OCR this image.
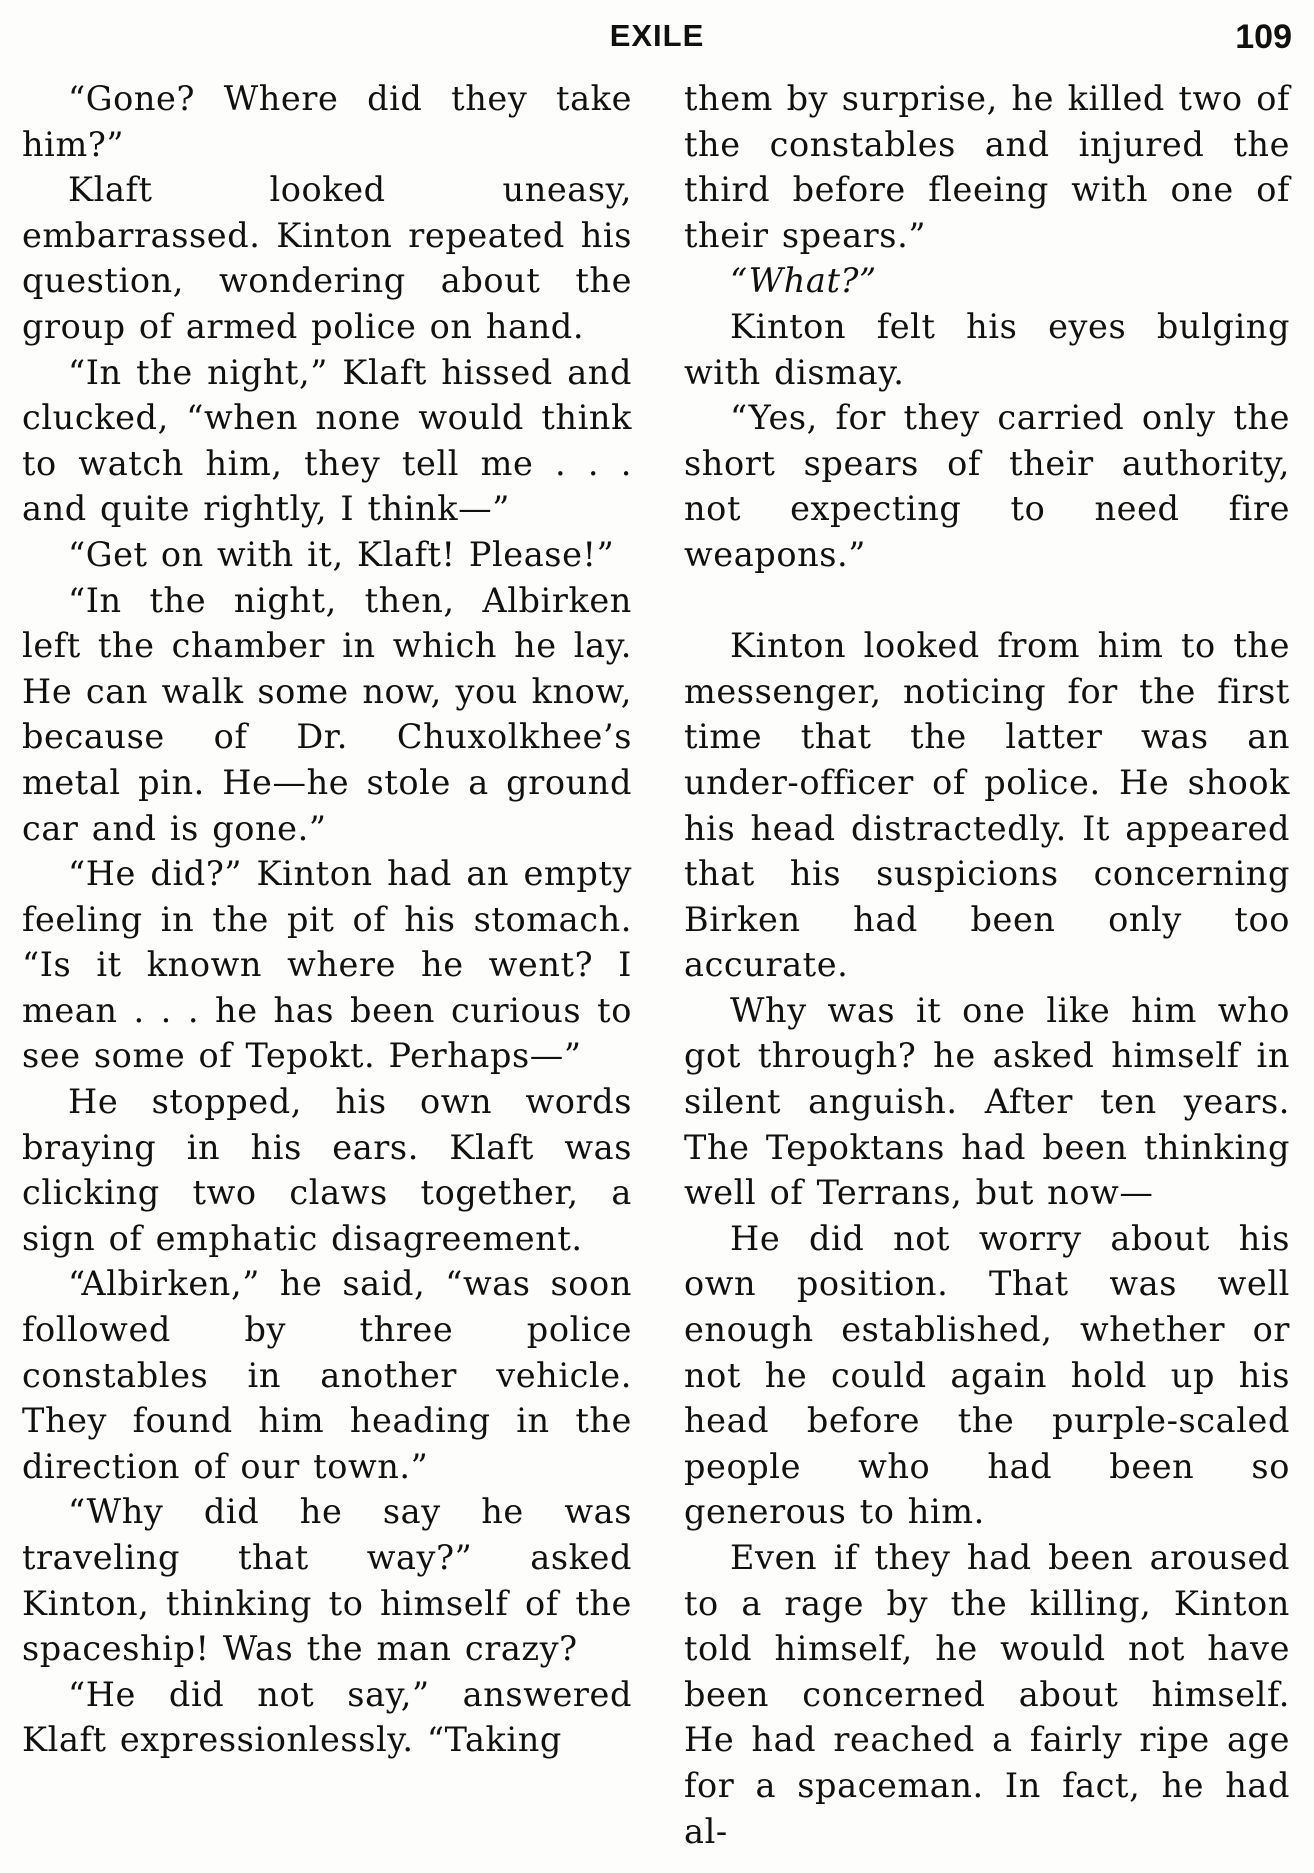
EXILE	109

“Gone? Where did they take him?”

Klaft looked uneasy, embarrassed. Kinton repeated his question, wondering about the group of armed police on hand.

“In the night,” Klaft hissed and clucked, “when none would think to watch him, they tell me . . . and quite rightly, I think—”

“Get on with it, Klaft! Please!”

“In the night, then, Albirken left the chamber in which he lay. He can walk some now, you know, because of Dr. Chuxolkhee’s metal pin. He—he stole a ground car and is gone.”

“He did?” Kinton had an empty feeling in the pit of his stomach. “Is it known where he went? I mean . . . he has been curious to see some of Tepokt. Perhaps—”

He stopped, his own words braying in his ears. Klaft was clicking two claws together, a sign of emphatic disagreement.

“Albirken,” he said, “was soon followed by three police constables in another vehicle. They found him heading in the direction of our town.”

“Why did he say he was traveling that way?” asked Kinton, thinking to himself of the spaceship! Was the man crazy?

“He did not say,” answered Klaft expressionlessly. “Taking

them by surprise, he killed two of the constables and injured the third before fleeing with one of their spears.”

“What?”

Kinton felt his eyes bulging with dismay.

“Yes, for they carried only the short spears of their authority, not expecting to need fire weapons.”

Kinton looked from him to the messenger, noticing for the first time that the latter was an under-officer of police. He shook his head distractedly. It appeared that his suspicions concerning Birken had been only too accurate.

Why was it one like him who got through? he asked himself in silent anguish. After ten years. The Tepoktans had been thinking well of Terrans, but now—

He did not worry about his own position. That was well enough established, whether or not he could again hold up his head before the purple-scaled people who had been so generous to him.

Even if they had been aroused to a rage by the killing, Kinton told himself, he would not have been concerned about himself. He had reached a fairly ripe age for a spaceman. In fact, he had al-
